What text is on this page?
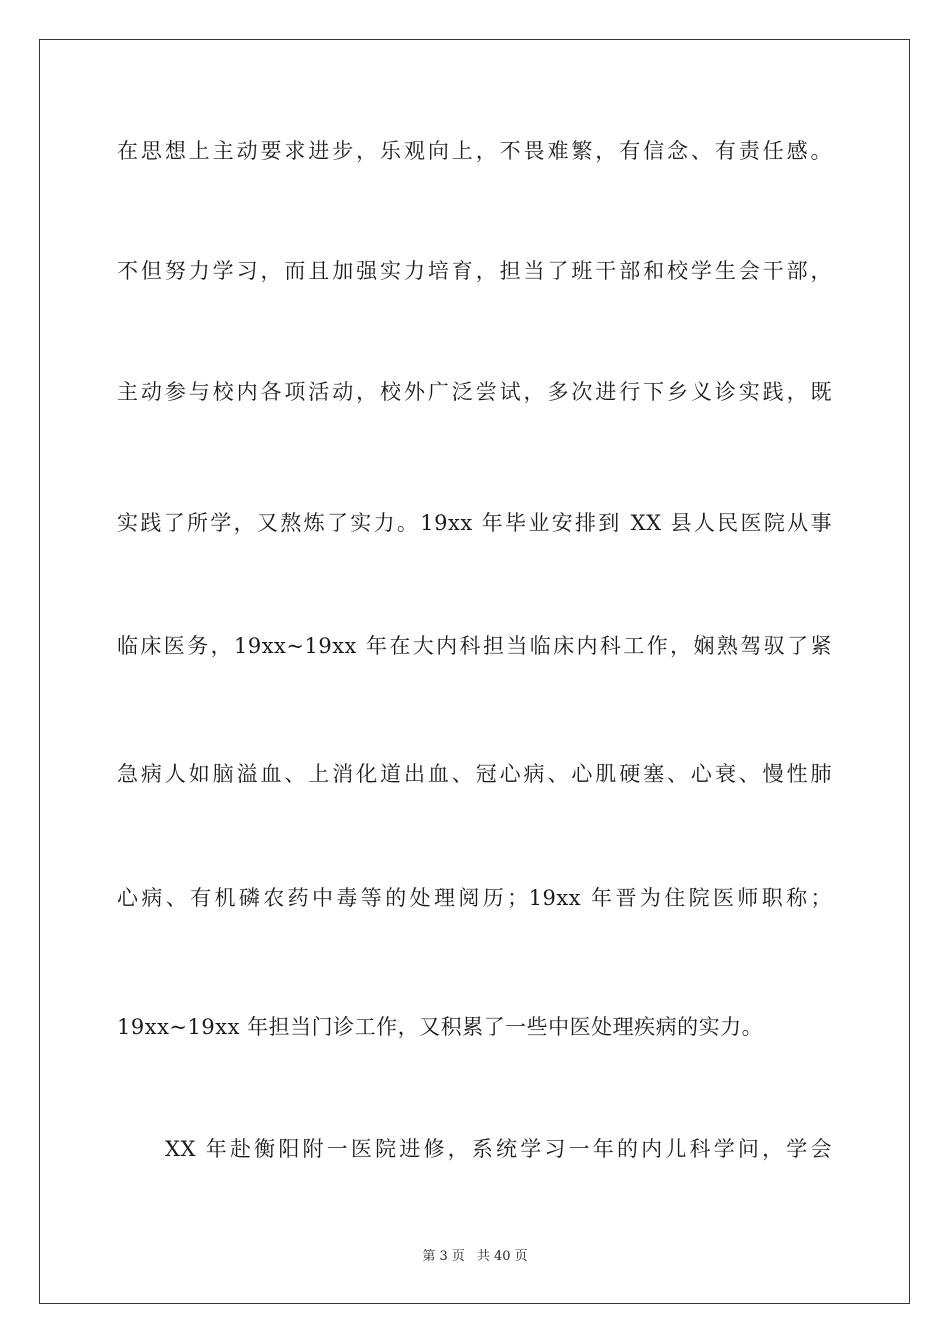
在思想上主动要求进步，乐观向上，不畏难繁，有信念、有责任感。
不但努力学习，而且加强实力培育，担当了班干部和校学生会干部，
主动参与校内各项活动，校外广泛尝试，多次进行下乡义诊实践，既
实践了所学，又熬炼了实力。19xx 年毕业安排到 XX 县人民医院从事
临床医务，19xx~19xx 年在大内科担当临床内科工作，娴熟驾驭了紧
急病人如脑溢血、上消化道出血、冠心病、心肌硬塞、心衰、慢性肺
心病、有机磷农药中毒等的处理阅历；19xx 年晋为住院医师职称；
19xx~19xx 年担当门诊工作，又积累了一些中医处理疾病的实力。
XX 年赴衡阳附一医院进修，系统学习一年的内儿科学问，学会
第 3 页 共 40 页
